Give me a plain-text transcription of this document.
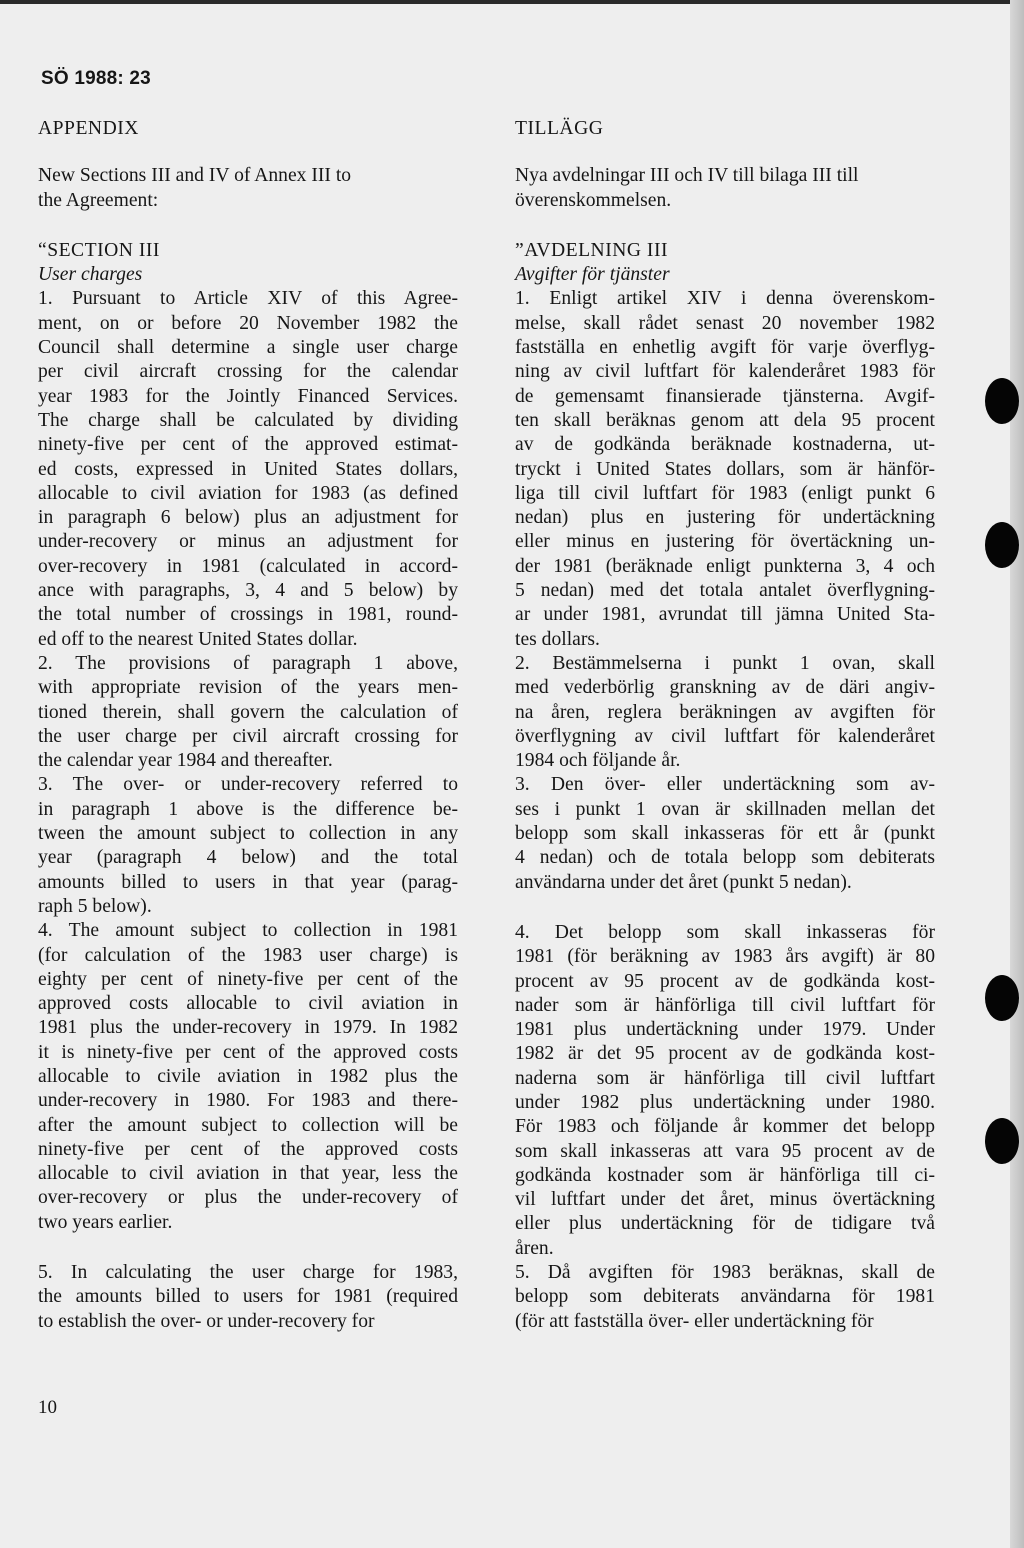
SÖ 1988: 23
APPENDIX
New Sections III and IV of Annex III to
the Agreement:
“SECTION III
User charges
1. Pursuant to Article XIV of this Agree-
ment, on or before 20 November 1982 the
Council shall determine a single user charge
per civil aircraft crossing for the calendar
year 1983 for the Jointly Financed Services.
The charge shall be calculated by dividing
ninety-five per cent of the approved estimat-
ed costs, expressed in United States dollars,
allocable to civil aviation for 1983 (as defined
in paragraph 6 below) plus an adjustment for
under-recovery or minus an adjustment for
over-recovery in 1981 (calculated in accord-
ance with paragraphs, 3, 4 and 5 below) by
the total number of crossings in 1981, round-
ed off to the nearest United States dollar.
2. The provisions of paragraph 1 above,
with appropriate revision of the years men-
tioned therein, shall govern the calculation of
the user charge per civil aircraft crossing for
the calendar year 1984 and thereafter.
3. The over- or under-recovery referred to
in paragraph 1 above is the difference be-
tween the amount subject to collection in any
year (paragraph 4 below) and the total
amounts billed to users in that year (parag-
raph 5 below).
4. The amount subject to collection in 1981
(for calculation of the 1983 user charge) is
eighty per cent of ninety-five per cent of the
approved costs allocable to civil aviation in
1981 plus the under-recovery in 1979. In 1982
it is ninety-five per cent of the approved costs
allocable to civile aviation in 1982 plus the
under-recovery in 1980. For 1983 and there-
after the amount subject to collection will be
ninety-five per cent of the approved costs
allocable to civil aviation in that year, less the
over-recovery or plus the under-recovery of
two years earlier.
5. In calculating the user charge for 1983,
the amounts billed to users for 1981 (required
to establish the over- or under-recovery for
TILLÄGG
Nya avdelningar III och IV till bilaga III till
överenskommelsen.
”AVDELNING III
Avgifter för tjänster
1. Enligt artikel XIV i denna överenskom-
melse, skall rådet senast 20 november 1982
fastställa en enhetlig avgift för varje överflyg-
ning av civil luftfart för kalenderåret 1983 för
de gemensamt finansierade tjänsterna. Avgif-
ten skall beräknas genom att dela 95 procent
av de godkända beräknade kostnaderna, ut-
tryckt i United States dollars, som är hänför-
liga till civil luftfart för 1983 (enligt punkt 6
nedan) plus en justering för undertäckning
eller minus en justering för övertäckning un-
der 1981 (beräknade enligt punkterna 3, 4 och
5 nedan) med det totala antalet överflygning-
ar under 1981, avrundat till jämna United Sta-
tes dollars.
2. Bestämmelserna i punkt 1 ovan, skall
med vederbörlig granskning av de däri angiv-
na åren, reglera beräkningen av avgiften för
överflygning av civil luftfart för kalenderåret
1984 och följande år.
3. Den över- eller undertäckning som av-
ses i punkt 1 ovan är skillnaden mellan det
belopp som skall inkasseras för ett år (punkt
4 nedan) och de totala belopp som debiterats
användarna under det året (punkt 5 nedan).
4. Det belopp som skall inkasseras för
1981 (för beräkning av 1983 års avgift) är 80
procent av 95 procent av de godkända kost-
nader som är hänförliga till civil luftfart för
1981 plus undertäckning under 1979. Under
1982 är det 95 procent av de godkända kost-
naderna som är hänförliga till civil luftfart
under 1982 plus undertäckning under 1980.
För 1983 och följande år kommer det belopp
som skall inkasseras att vara 95 procent av de
godkända kostnader som är hänförliga till ci-
vil luftfart under det året, minus övertäckning
eller plus undertäckning för de tidigare två
åren.
5. Då avgiften för 1983 beräknas, skall de
belopp som debiterats användarna för 1981
(för att fastställa över- eller undertäckning för
10
